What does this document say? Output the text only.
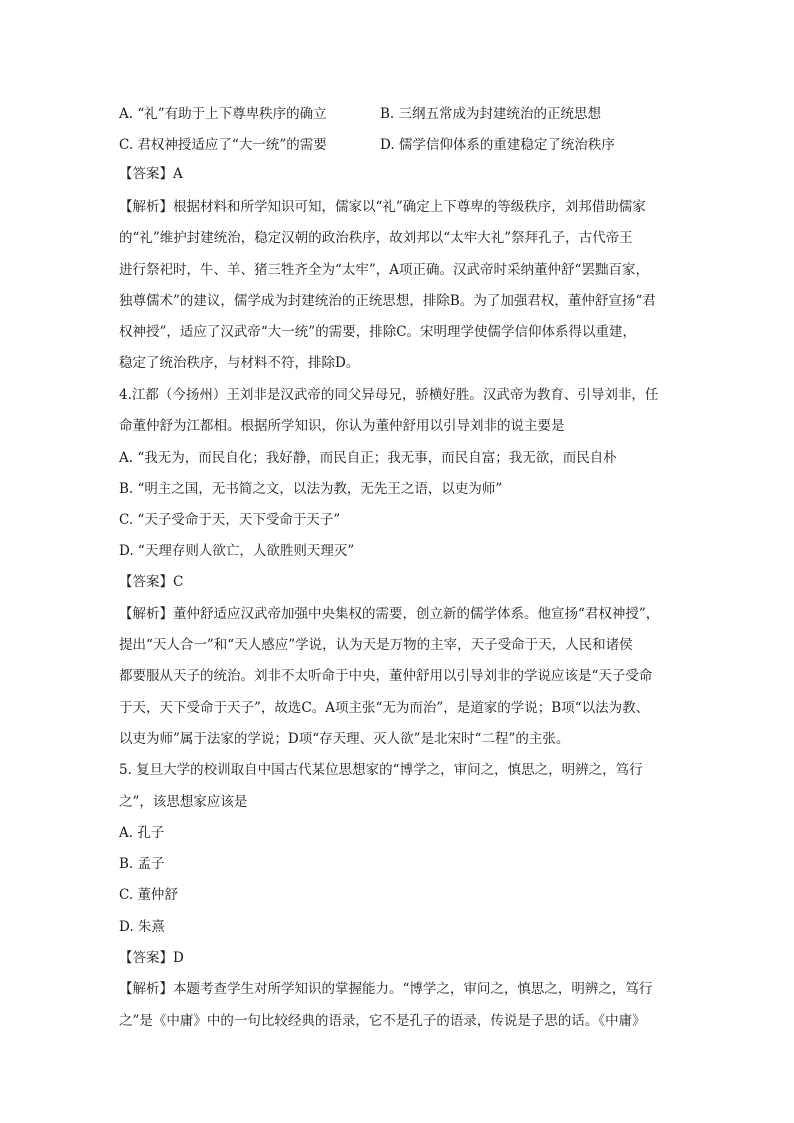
A. “礼”有助于上下尊卑秩序的确立	B. 三纲五常成为封建统治的正统思想
C. 君权神授适应了“大一统”的需要	D. 儒学信仰体系的重建稳定了统治秩序
【答案】A
【解析】根据材料和所学知识可知，儒家以“礼”确定上下尊卑的等级秩序，刘邦借助儒家
的“礼”维护封建统治，稳定汉朝的政治秩序，故刘邦以“太牢大礼”祭拜孔子，古代帝王
进行祭祀时，牛、羊、猪三牲齐全为“太牢”，A项正确。汉武帝时采纳董仲舒“罢黜百家，
独尊儒术”的建议，儒学成为封建统治的正统思想，排除B。为了加强君权，董仲舒宣扬“君
权神授”，适应了汉武帝“大一统”的需要，排除C。宋明理学使儒学信仰体系得以重建，
稳定了统治秩序，与材料不符，排除D。
4.江都（今扬州）王刘非是汉武帝的同父异母兄，骄横好胜。汉武帝为教育、引导刘非，任
命董仲舒为江都相。根据所学知识，你认为董仲舒用以引导刘非的说主要是
A. “我无为，而民自化；我好静，而民自正；我无事，而民自富；我无欲，而民自朴
B. “明主之国，无书简之文，以法为教，无先王之语，以吏为师”
C. “天子受命于天，天下受命于天子”
D. “天理存则人欲亡，人欲胜则天理灭”
【答案】C
【解析】董仲舒适应汉武帝加强中央集权的需要，创立新的儒学体系。他宣扬“君权神授”，
提出“天人合一”和“天人感应”学说，认为天是万物的主宰，天子受命于天，人民和诸侯
都要服从天子的统治。刘非不太听命于中央，董仲舒用以引导刘非的学说应该是“天子受命
于天，天下受命于天子”，故选C。A项主张“无为而治”，是道家的学说；B项“以法为教、
以吏为师”属于法家的学说；D项“存天理、灭人欲”是北宋时“二程”的主张。
5. 复旦大学的校训取自中国古代某位思想家的“博学之，审问之，慎思之，明辨之，笃行
之”，该思想家应该是
A. 孔子
B. 孟子
C. 董仲舒
D. 朱熹
【答案】D
【解析】本题考查学生对所学知识的掌握能力。“博学之，审问之，慎思之，明辨之，笃行
之”是《中庸》中的一句比较经典的语录，它不是孔子的语录，传说是子思的话。《中庸》
